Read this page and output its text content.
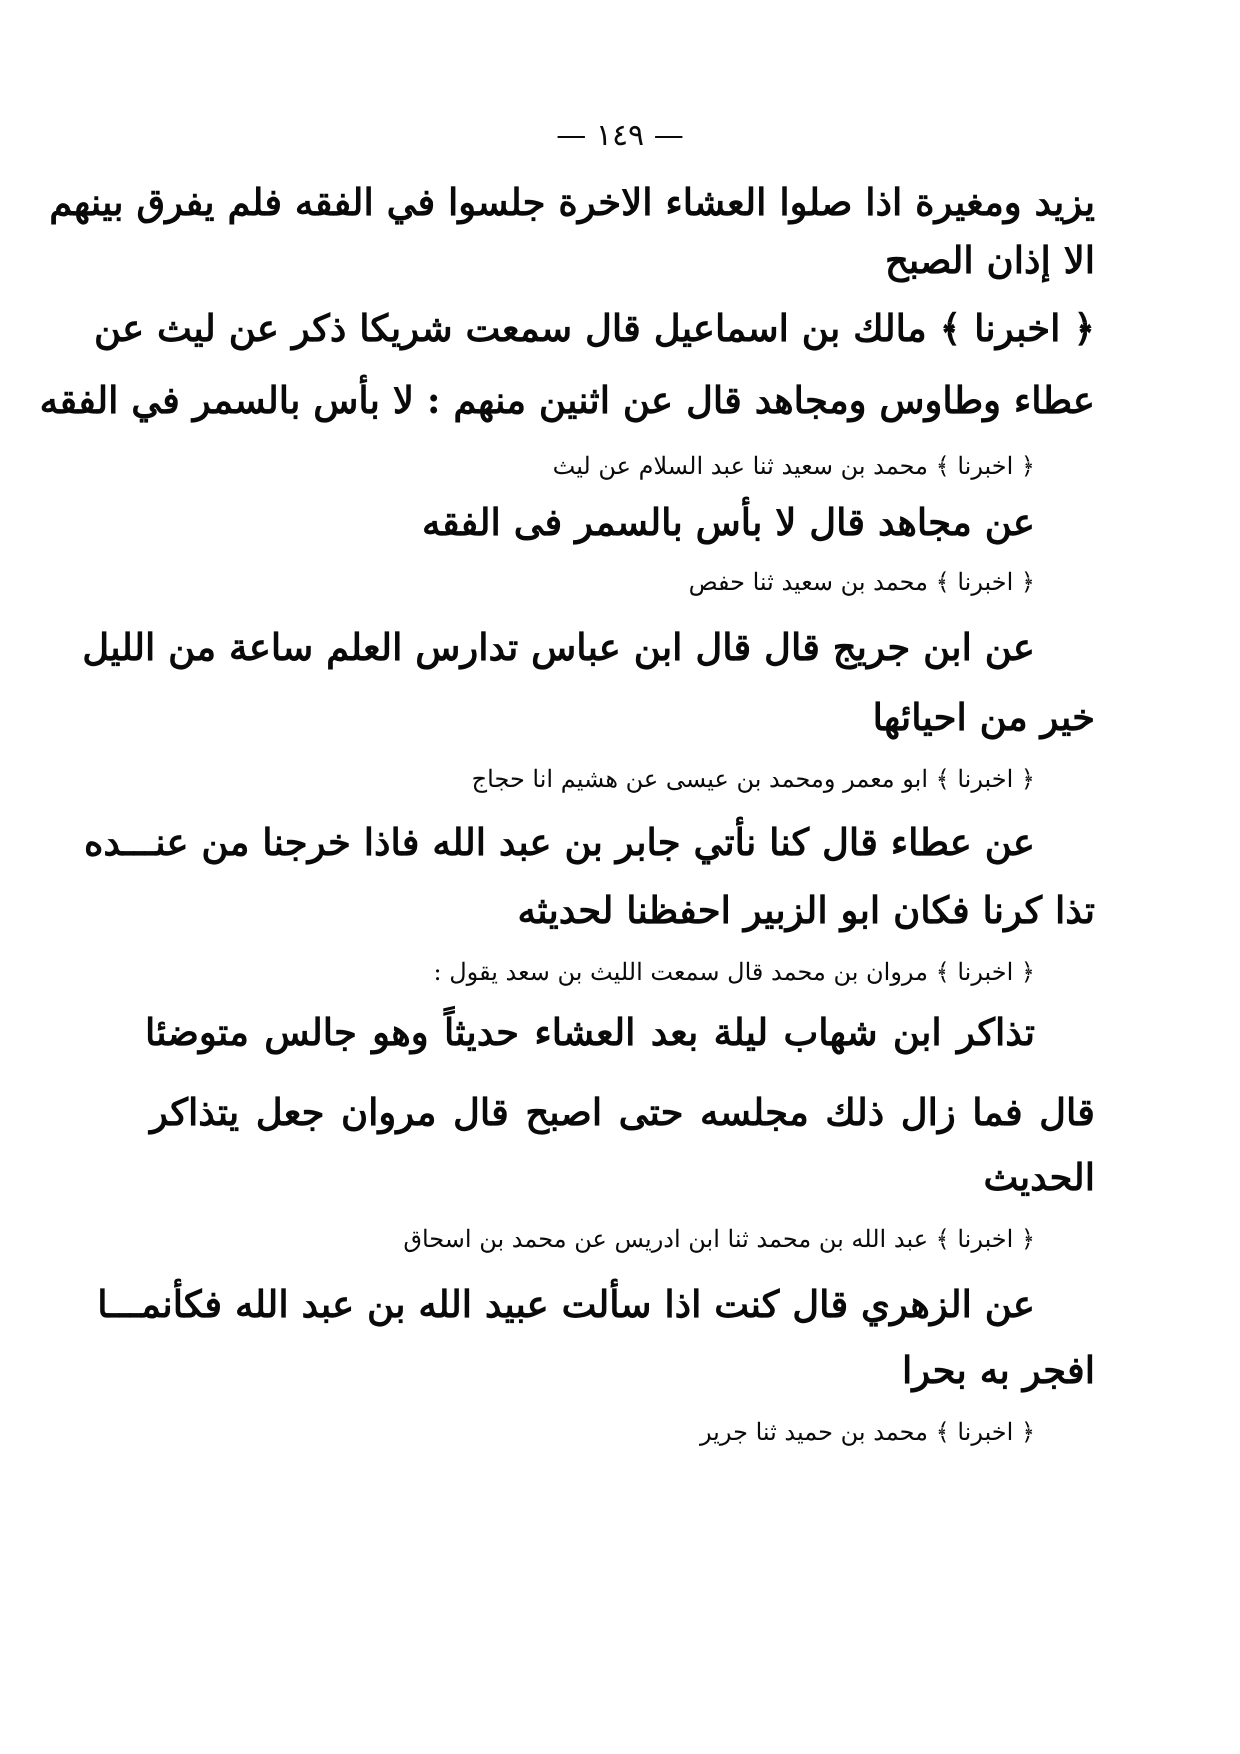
— ١٤٩ —
يزيد ومغيرة اذا صلوا العشاء الاخرة جلسوا في الفقه فلم يفرق بينهم
الا إذان الصبح
﴿ اخبرنا ﴾ مالك بن اسماعيل قال سمعت شريكا ذكر عن ليث عن
عطاء وطاوس ومجاهد قال عن اثنين منهم : لا بأس بالسمر في الفقه
﴿ اخبرنا ﴾ محمد بن سعيد ثنا عبد السلام عن ليث
عن مجاهد قال لا بأس بالسمر فى الفقه
﴿ اخبرنا ﴾ محمد بن سعيد ثنا حفص
عن ابن جريج قال قال ابن عباس تدارس العلم ساعة من الليل
خير من احيائها
﴿ اخبرنا ﴾ ابو معمر ومحمد بن عيسى عن هشيم انا حجاج
عن عطاء قال كنا نأتي جابر بن عبد الله فاذا خرجنا من عنـــده
تذا كرنا فكان ابو الزبير احفظنا لحديثه
﴿ اخبرنا ﴾ مروان بن محمد قال سمعت الليث بن سعد يقول :
تذاكر ابن شهاب ليلة بعد العشاء حديثاً وهو جالس متوضئا
قال فما زال ذلك مجلسه حتى اصبح قال مروان جعل يتذاكر
الحديث
﴿ اخبرنا ﴾ عبد الله بن محمد ثنا ابن ادريس عن محمد بن اسحاق
عن الزهري قال كنت اذا سألت عبيد الله بن عبد الله فكأنمـــا
افجر به بحرا
﴿ اخبرنا ﴾ محمد بن حميد ثنا جرير
